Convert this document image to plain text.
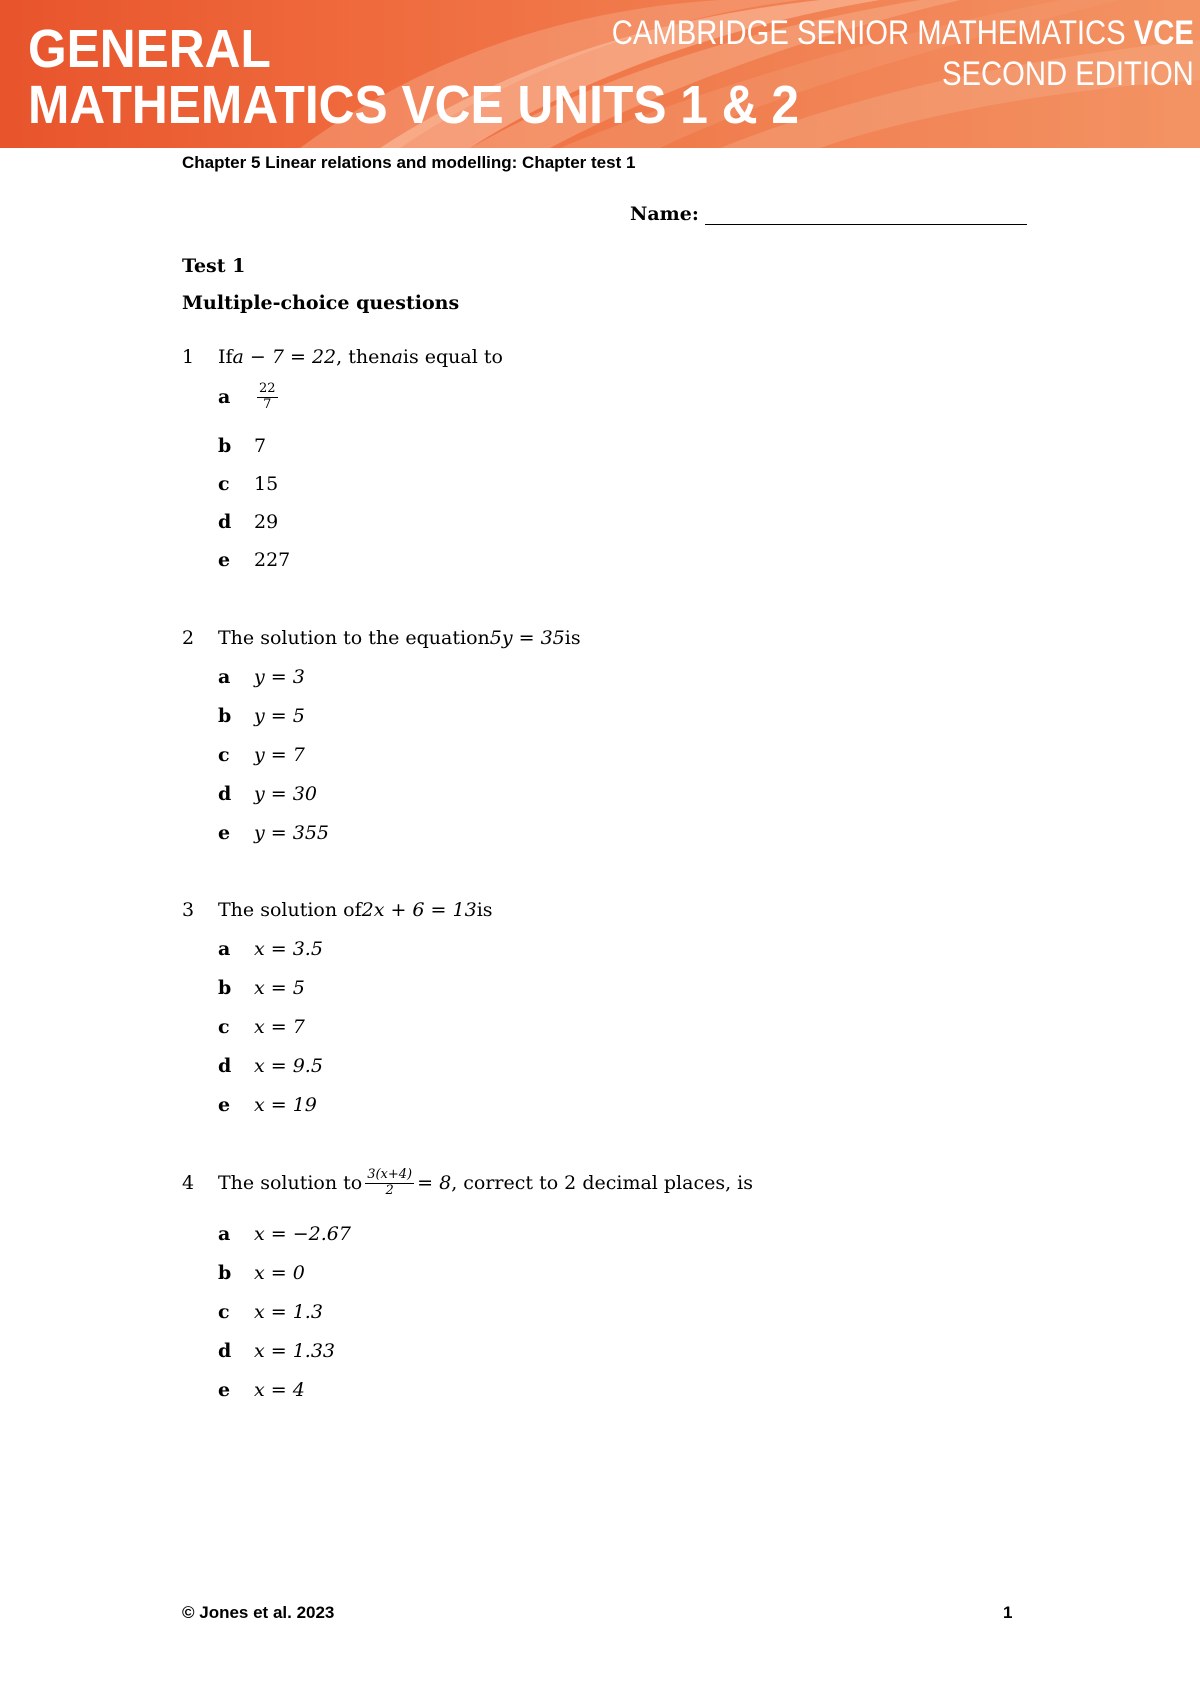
GENERAL
MATHEMATICS VCE UNITS 1 & 2
CAMBRIDGE SENIOR MATHEMATICS VCE
SECOND EDITION
Chapter 5 Linear relations and modelling: Chapter test 1
Name:
Test 1
Multiple-choice questions
1	If a − 7 = 22 , then a is equal to
a	$\frac{22}{7}$
b	7
c	15
d	29
e	227
2	The solution to the equation 5y = 35 is
a	y = 3
b	y = 5
c	y = 7
d	y = 30
e	y = 355
3	The solution of 2x + 6 = 13 is
a	x = 3.5
b	x = 5
c	x = 7
d	x = 9.5
e	x = 19
4	The solution to $\frac{3(x+4)}{2} = 8$ , correct to 2 decimal places, is
a	x = −2.67
b	x = 0
c	x = 1.3
d	x = 1.33
e	x = 4
© Jones et al. 2023	1
